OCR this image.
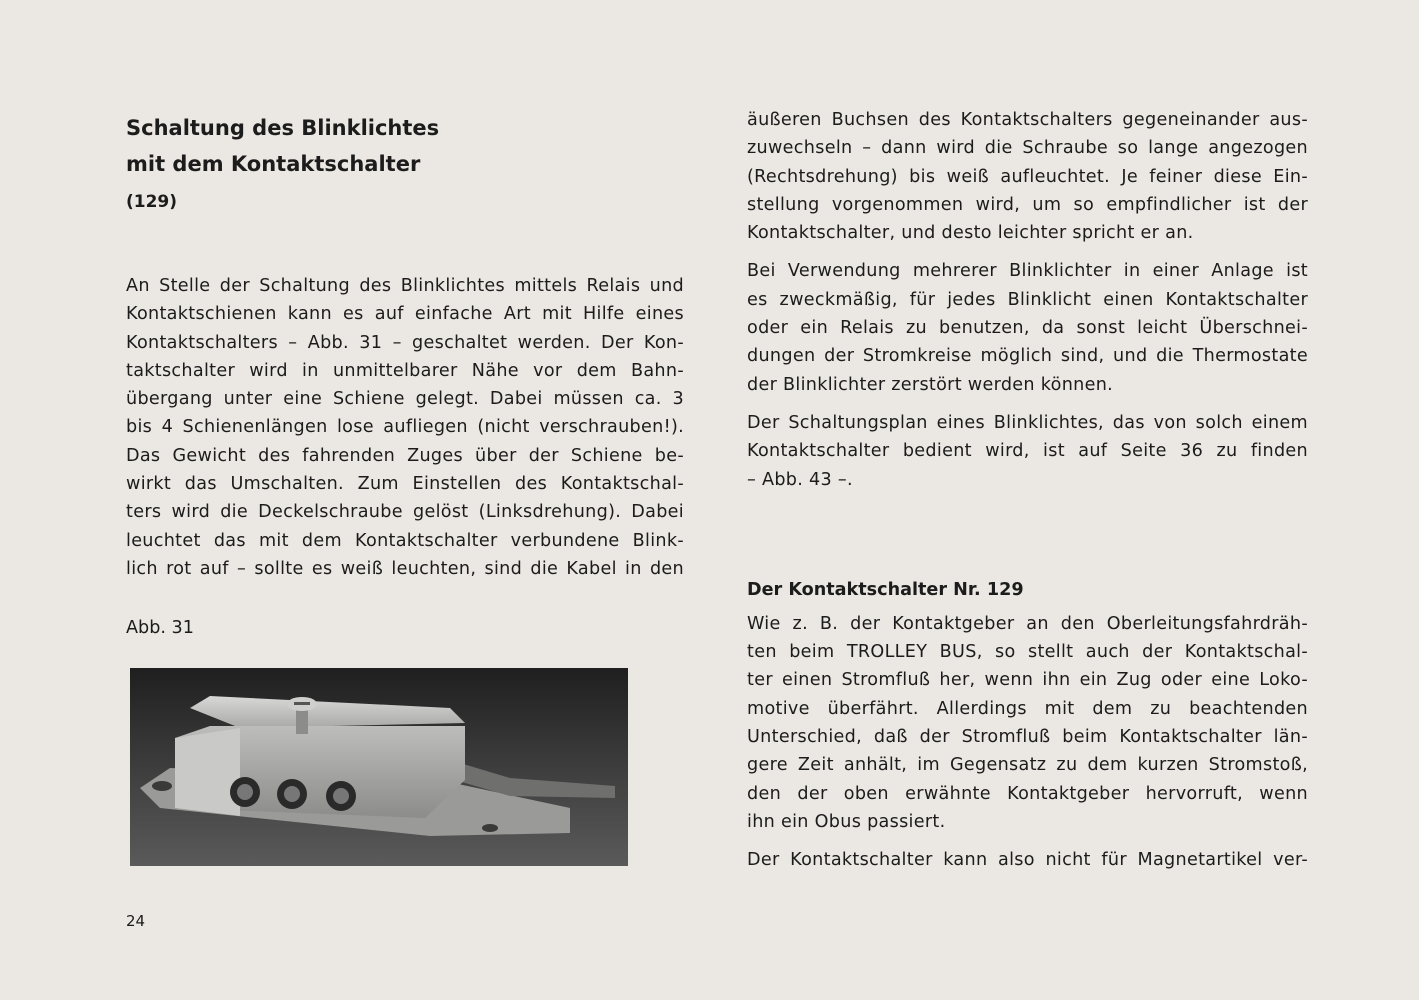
Schaltung des Blinklichtes
mit dem Kontaktschalter
(129)

An Stelle der Schaltung des Blinklichtes mittels Relais und
Kontaktschienen kann es auf einfache Art mit Hilfe eines
Kontaktschalters – Abb. 31 – geschaltet werden. Der Kon-
taktschalter wird in unmittelbarer Nähe vor dem Bahn-
übergang unter eine Schiene gelegt. Dabei müssen ca. 3
bis 4 Schienenlängen lose aufliegen (nicht verschrauben!).
Das Gewicht des fahrenden Zuges über der Schiene be-
wirkt das Umschalten. Zum Einstellen des Kontaktschal-
ters wird die Deckelschraube gelöst (Linksdrehung). Dabei
leuchtet das mit dem Kontaktschalter verbundene Blink-
lich rot auf – sollte es weiß leuchten, sind die Kabel in den

Abb. 31
24

äußeren Buchsen des Kontaktschalters gegeneinander aus-
zuwechseln – dann wird die Schraube so lange angezogen
(Rechtsdrehung) bis weiß aufleuchtet. Je feiner diese Ein-
stellung vorgenommen wird, um so empfindlicher ist der
Kontaktschalter, und desto leichter spricht er an.

Bei Verwendung mehrerer Blinklichter in einer Anlage ist
es zweckmäßig, für jedes Blinklicht einen Kontaktschalter
oder ein Relais zu benutzen, da sonst leicht Überschnei-
dungen der Stromkreise möglich sind, und die Thermostate
der Blinklichter zerstört werden können.

Der Schaltungsplan eines Blinklichtes, das von solch einem
Kontaktschalter bedient wird, ist auf Seite 36 zu finden
– Abb. 43 –.

Der Kontaktschalter Nr. 129

Wie z. B. der Kontaktgeber an den Oberleitungsfahrdräh-
ten beim TROLLEY BUS, so stellt auch der Kontaktschal-
ter einen Stromfluß her, wenn ihn ein Zug oder eine Loko-
motive überfährt. Allerdings mit dem zu beachtenden
Unterschied, daß der Stromfluß beim Kontaktschalter län-
gere Zeit anhält, im Gegensatz zu dem kurzen Stromstoß,
den der oben erwähnte Kontaktgeber hervorruft, wenn
ihn ein Obus passiert.

Der Kontaktschalter kann also nicht für Magnetartikel ver-
